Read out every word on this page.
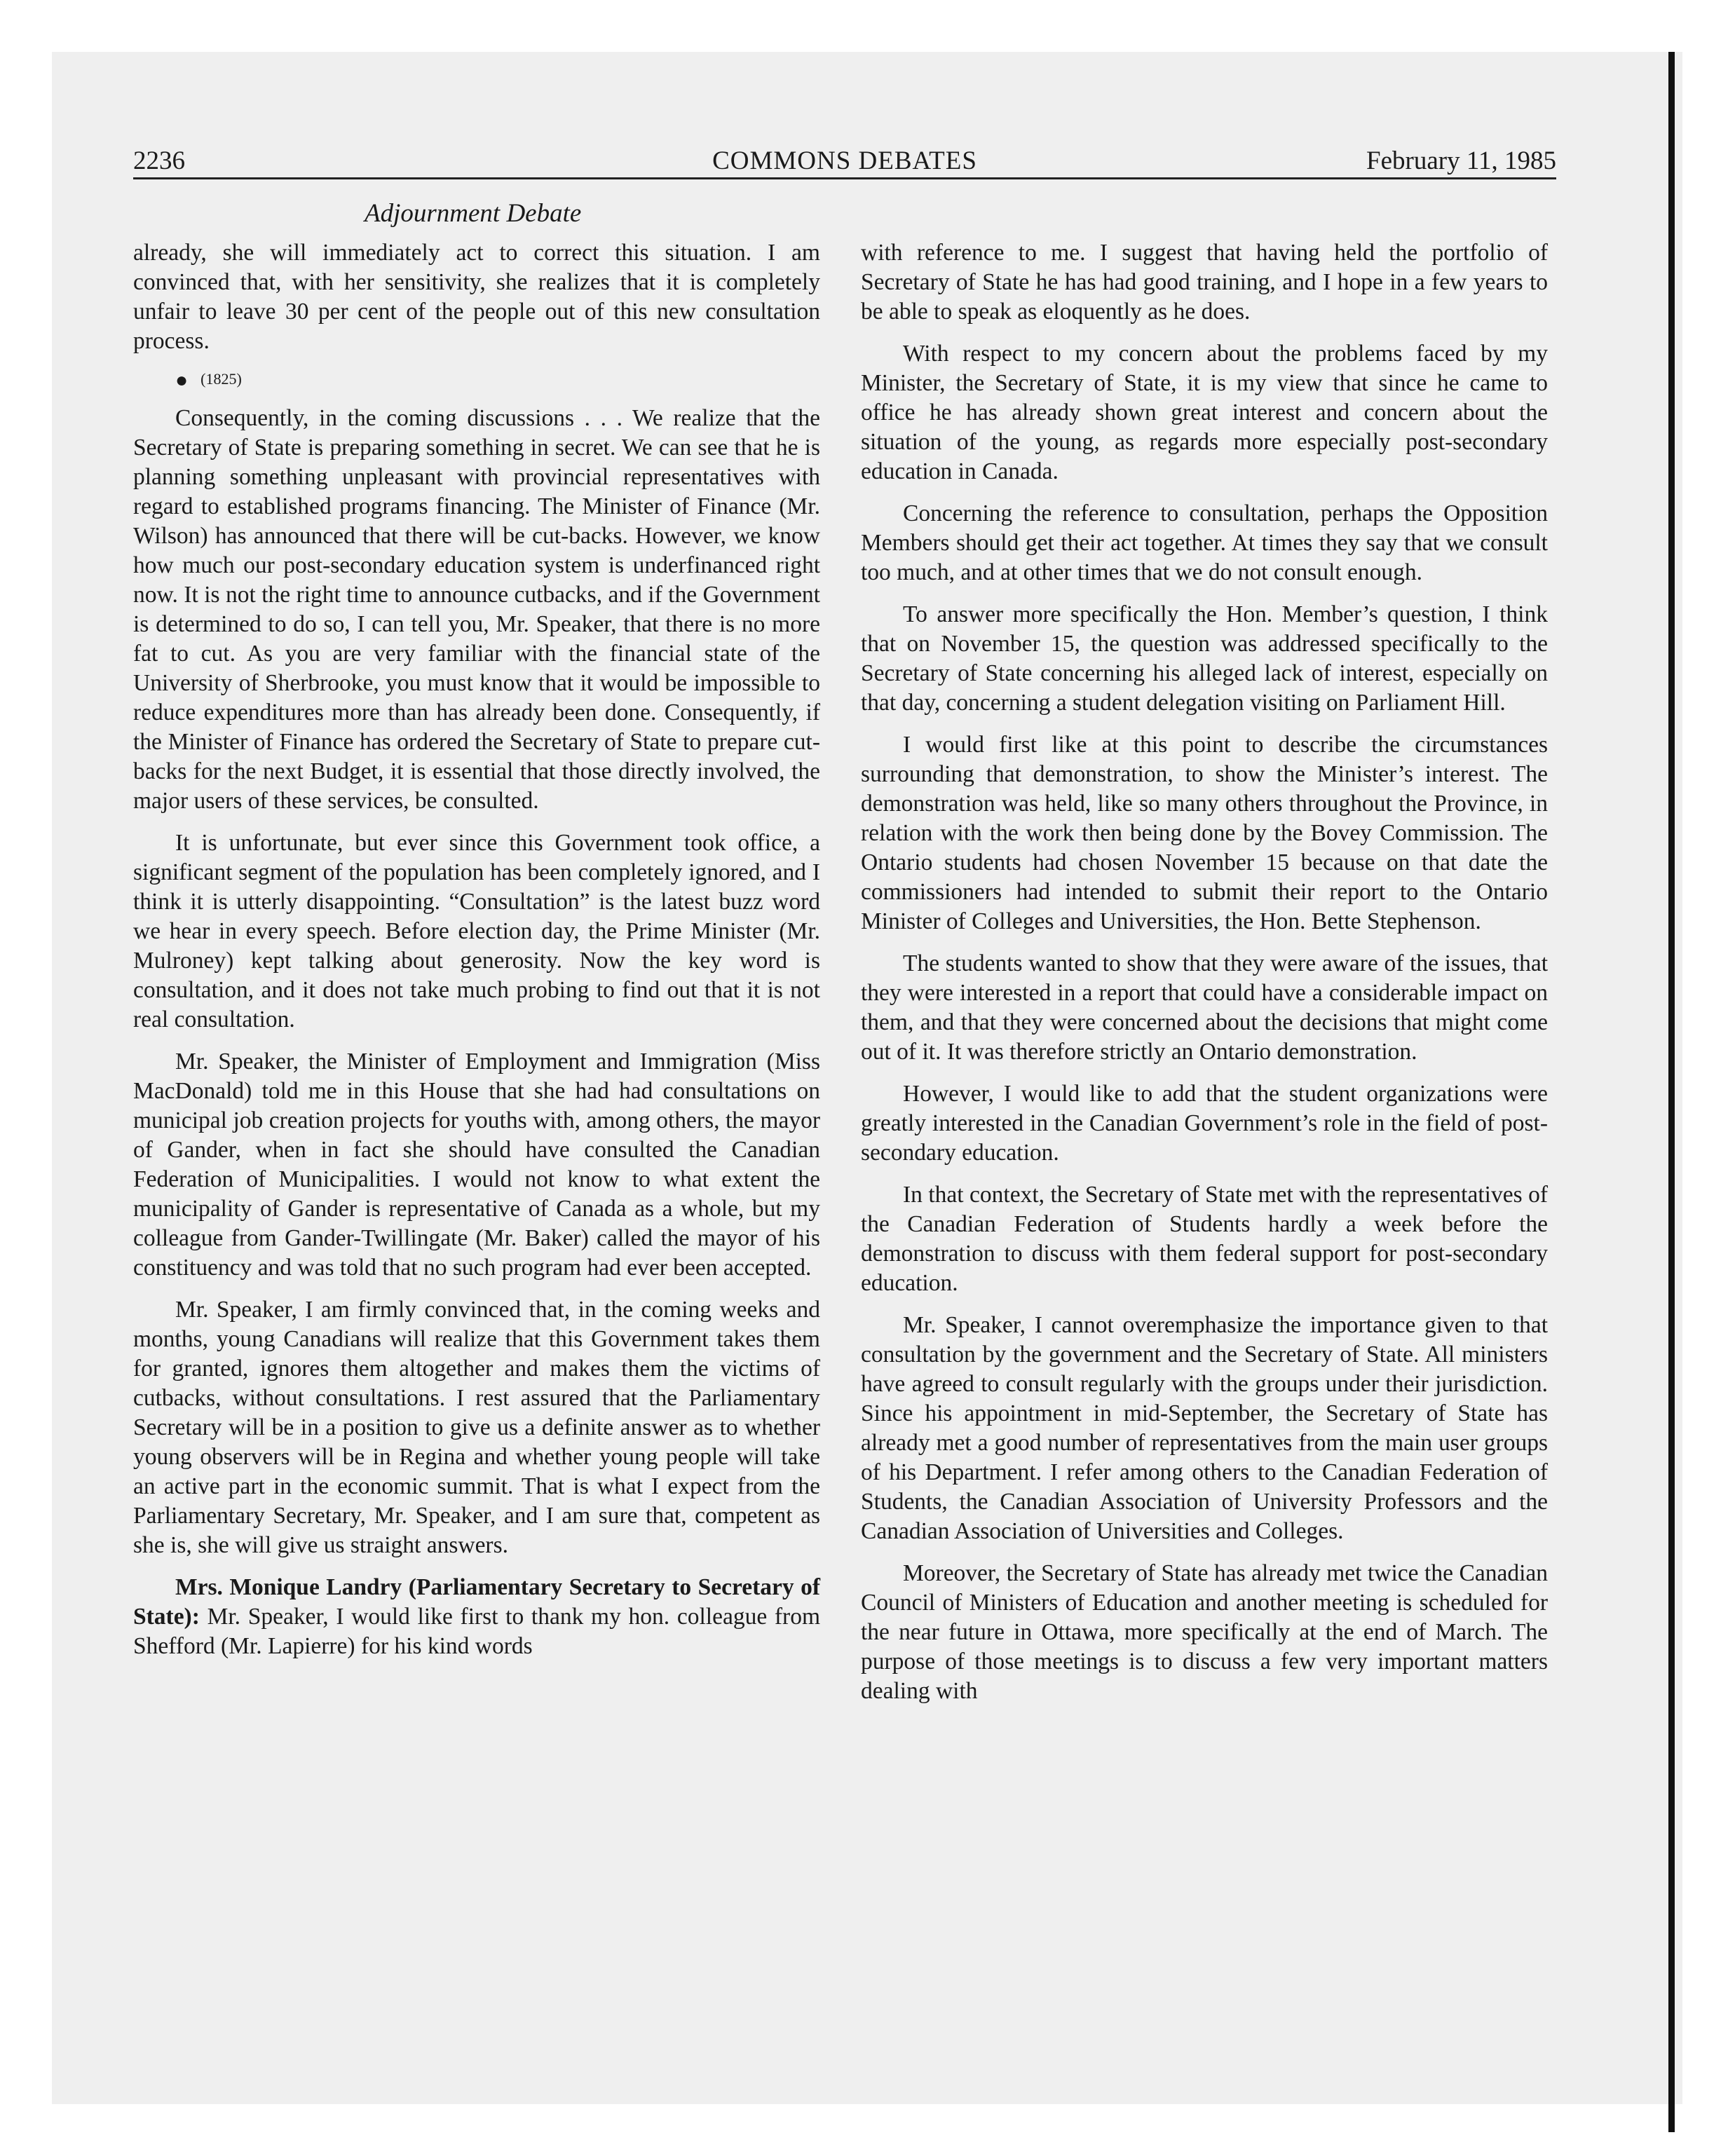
2236	COMMONS DEBATES	February 11, 1985
Adjournment Debate

already, she will immediately act to correct this situation. I am convinced that, with her sensitivity, she realizes that it is completely unfair to leave 30 per cent of the people out of this new consultation process.

● (1825)

Consequently, in the coming discussions . . . We realize that the Secretary of State is preparing something in secret. We can see that he is planning something unpleasant with provincial representatives with regard to established programs financing. The Minister of Finance (Mr. Wilson) has announced that there will be cut-backs. However, we know how much our post-secondary education system is underfinanced right now. It is not the right time to announce cutbacks, and if the Government is determined to do so, I can tell you, Mr. Speaker, that there is no more fat to cut. As you are very familiar with the financial state of the University of Sherbrooke, you must know that it would be impossible to reduce expenditures more than has already been done. Consequently, if the Minister of Finance has ordered the Secretary of State to prepare cut-backs for the next Budget, it is essential that those directly involved, the major users of these services, be consulted.

It is unfortunate, but ever since this Government took office, a significant segment of the population has been completely ignored, and I think it is utterly disappointing. “Consultation” is the latest buzz word we hear in every speech. Before election day, the Prime Minister (Mr. Mulroney) kept talking about generosity. Now the key word is consultation, and it does not take much probing to find out that it is not real consultation.

Mr. Speaker, the Minister of Employment and Immigration (Miss MacDonald) told me in this House that she had had consultations on municipal job creation projects for youths with, among others, the mayor of Gander, when in fact she should have consulted the Canadian Federation of Municipalities. I would not know to what extent the municipality of Gander is representative of Canada as a whole, but my colleague from Gander-Twillingate (Mr. Baker) called the mayor of his constituency and was told that no such program had ever been accepted.

Mr. Speaker, I am firmly convinced that, in the coming weeks and months, young Canadians will realize that this Government takes them for granted, ignores them altogether and makes them the victims of cutbacks, without consultations. I rest assured that the Parliamentary Secretary will be in a position to give us a definite answer as to whether young observers will be in Regina and whether young people will take an active part in the economic summit. That is what I expect from the Parliamentary Secretary, Mr. Speaker, and I am sure that, competent as she is, she will give us straight answers.

Mrs. Monique Landry (Parliamentary Secretary to Secretary of State): Mr. Speaker, I would like first to thank my hon. colleague from Shefford (Mr. Lapierre) for his kind words

with reference to me. I suggest that having held the portfolio of Secretary of State he has had good training, and I hope in a few years to be able to speak as eloquently as he does.

With respect to my concern about the problems faced by my Minister, the Secretary of State, it is my view that since he came to office he has already shown great interest and concern about the situation of the young, as regards more especially post-secondary education in Canada.

Concerning the reference to consultation, perhaps the Opposition Members should get their act together. At times they say that we consult too much, and at other times that we do not consult enough.

To answer more specifically the Hon. Member’s question, I think that on November 15, the question was addressed specifically to the Secretary of State concerning his alleged lack of interest, especially on that day, concerning a student delegation visiting on Parliament Hill.

I would first like at this point to describe the circumstances surrounding that demonstration, to show the Minister’s interest. The demonstration was held, like so many others throughout the Province, in relation with the work then being done by the Bovey Commission. The Ontario students had chosen November 15 because on that date the commissioners had intended to submit their report to the Ontario Minister of Colleges and Universities, the Hon. Bette Stephenson.

The students wanted to show that they were aware of the issues, that they were interested in a report that could have a considerable impact on them, and that they were concerned about the decisions that might come out of it. It was therefore strictly an Ontario demonstration.

However, I would like to add that the student organizations were greatly interested in the Canadian Government’s role in the field of post-secondary education.

In that context, the Secretary of State met with the representatives of the Canadian Federation of Students hardly a week before the demonstration to discuss with them federal support for post-secondary education.

Mr. Speaker, I cannot overemphasize the importance given to that consultation by the government and the Secretary of State. All ministers have agreed to consult regularly with the groups under their jurisdiction. Since his appointment in mid-September, the Secretary of State has already met a good number of representatives from the main user groups of his Department. I refer among others to the Canadian Federation of Students, the Canadian Association of University Professors and the Canadian Association of Universities and Colleges.

Moreover, the Secretary of State has already met twice the Canadian Council of Ministers of Education and another meeting is scheduled for the near future in Ottawa, more specifically at the end of March. The purpose of those meetings is to discuss a few very important matters dealing with
